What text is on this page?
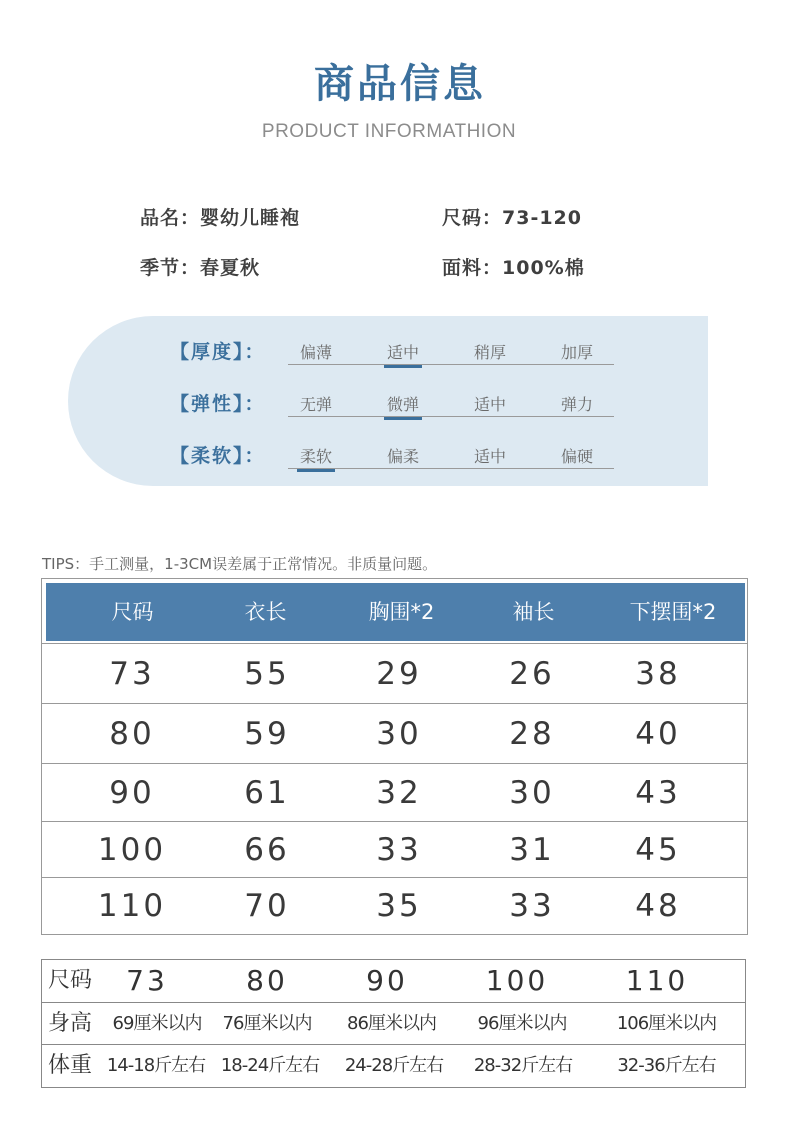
商品信息
PRODUCT INFORMATHION
品名：婴幼儿睡袍	尺码：73-120
季节：春夏秋	面料：100%棉
【厚度】： 偏薄	适中	稍厚	加厚
【弹性】： 无弹	微弹	适中	弹力
【柔软】： 柔软	偏柔	适中	偏硬
TIPS：手工测量，1-3CM误差属于正常情况。非质量问题。
尺码	衣长	胸围*2	袖长	下摆围*2
73	55	29	26	38
80	59	30	28	40
90	61	32	30	43
100	66	33	31	45
110	70	35	33	48
尺码	73	80	90	100	110
身高	69厘米以内	76厘米以内	86厘米以内	96厘米以内	106厘米以内
体重 14-18斤左右 18-24斤左右	24-28斤左右	28-32斤左右	32-36斤左右
